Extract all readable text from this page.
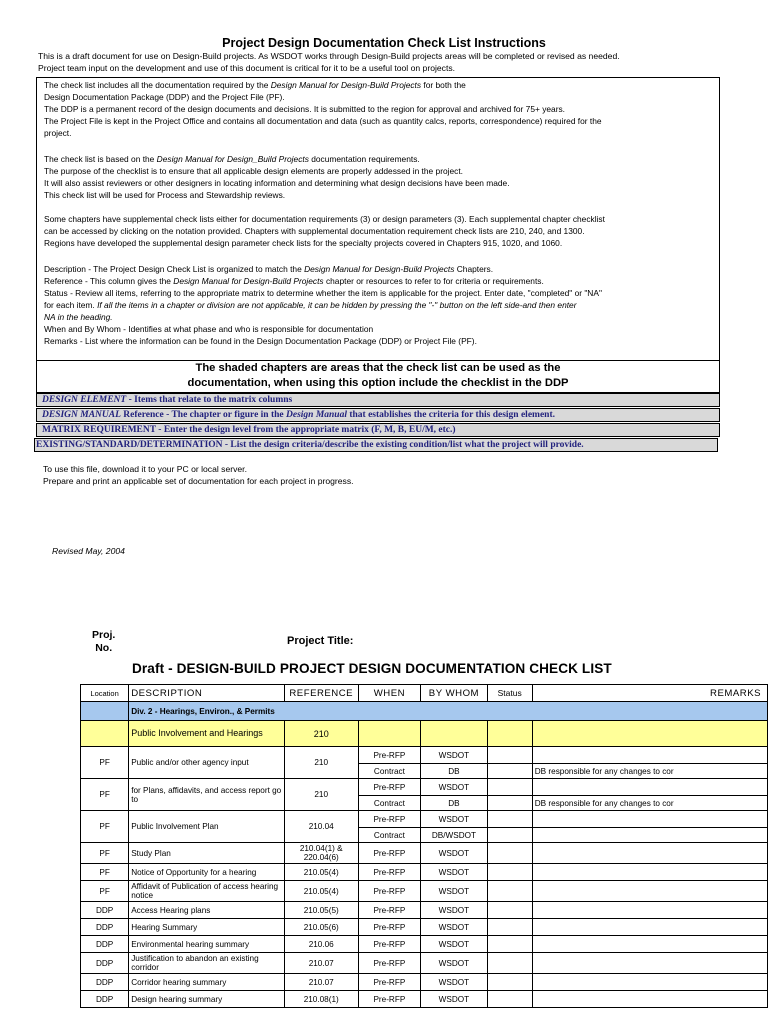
Project Design Documentation Check List Instructions
This is a draft document for use on Design-Build projects. As WSDOT works through Design-Build projects areas will be completed or revised as needed.
Project team input on the development and use of this document is critical for it to be a useful tool on projects.
The check list includes all the documentation required by the Design Manual for Design-Build Projects for both the
Design Documentation Package (DDP) and the Project File (PF).
The DDP is a permanent record of the design documents and decisions. It is submitted to the region for approval and archived for 75+ years.
The Project File is kept in the Project Office and contains all documentation and data (such as quantity calcs, reports, correspondence) required for the
project.
The check list is based on the Design Manual for Design_Build Projects documentation requirements.
The purpose of the checklist is to ensure that all applicable design elements are properly addessed in the project.
It will also assist reviewers or other designers in locating information and determining what design decisions have been made.
This check list will be used for Process and Stewardship reviews.
Some chapters have supplemental check lists either for documentation requirements (3) or design parameters (3). Each supplemental chapter checklist
can be accessed by clicking on the notation provided. Chapters with supplemental documentation requirement check lists are 210, 240, and 1300.
Regions have developed the supplemental design parameter check lists for the specialty projects covered in Chapters 915, 1020, and 1060.
Description - The Project Design Check List is organized to match the Design Manual for Design-Build Projects Chapters.
Reference - This column gives the Design Manual for Design-Build Projects chapter or resources to refer to for criteria or requirements.
Status - Review all items, referring to the appropriate matrix to determine whether the item is applicable for the project. Enter date, "completed" or "NA"
for each item. If all the items in a chapter or division are not applicable, it can be hidden by pressing the "-" button on the left side-and then enter
NA in the heading.
When and By Whom - Identifies at what phase and who is responsible for documentation
Remarks - List where the information can be found in the Design Documentation Package (DDP) or Project File (PF).
The shaded chapters are areas that the check list can be used as the
documentation, when using this option include the checklist in the DDP
DESIGN ELEMENT - Items that relate to the matrix columns
DESIGN MANUAL Reference - The chapter or figure in the Design Manual that establishes the criteria for this design element.
MATRIX REQUIREMENT - Enter the design level from the appropriate matrix (F, M, B, EU/M, etc.)
EXISTING/STANDARD/DETERMINATION - List the design criteria/describe the existing condition/list what the project will provide.
To use this file, download it to your PC or local server.
Prepare and print an applicable set of documentation for each project in progress.
Revised May, 2004
Proj.
No.
Project Title:
Draft - DESIGN-BUILD PROJECT DESIGN DOCUMENTATION CHECK LIST
Location	DESCRIPTION	REFERENCE	WHEN	BY WHOM	Status	REMARKS
	Div. 2 - Hearings, Environ., & Permits					
	Public Involvement and Hearings	210				
PF	Public and/or other agency input	210	Pre-RFP	WSDOT		
			Contract	DB		DB responsible for any changes to cor
PF	for Plans, affidavits, and access report go to	210	Pre-RFP	WSDOT		
			Contract	DB		DB responsible for any changes to cor
PF	Public Involvement Plan	210.04	Pre-RFP	WSDOT		
			Contract	DB/WSDOT		
PF	Study Plan	210.04(1) & 220.04(6)	Pre-RFP	WSDOT		
PF	Notice of Opportunity for a hearing	210.05(4)	Pre-RFP	WSDOT		
PF	Affidavit of Publication of access hearing notice	210.05(4)	Pre-RFP	WSDOT		
DDP	Access Hearing plans	210.05(5)	Pre-RFP	WSDOT		
DDP	Hearing Summary	210.05(6)	Pre-RFP	WSDOT		
DDP	Environmental hearing summary	210.06	Pre-RFP	WSDOT		
DDP	Justification to abandon an existing corridor	210.07	Pre-RFP	WSDOT		
DDP	Corridor hearing summary	210.07	Pre-RFP	WSDOT		
DDP	Design hearing summary	210.08(1)	Pre-RFP	WSDOT		
